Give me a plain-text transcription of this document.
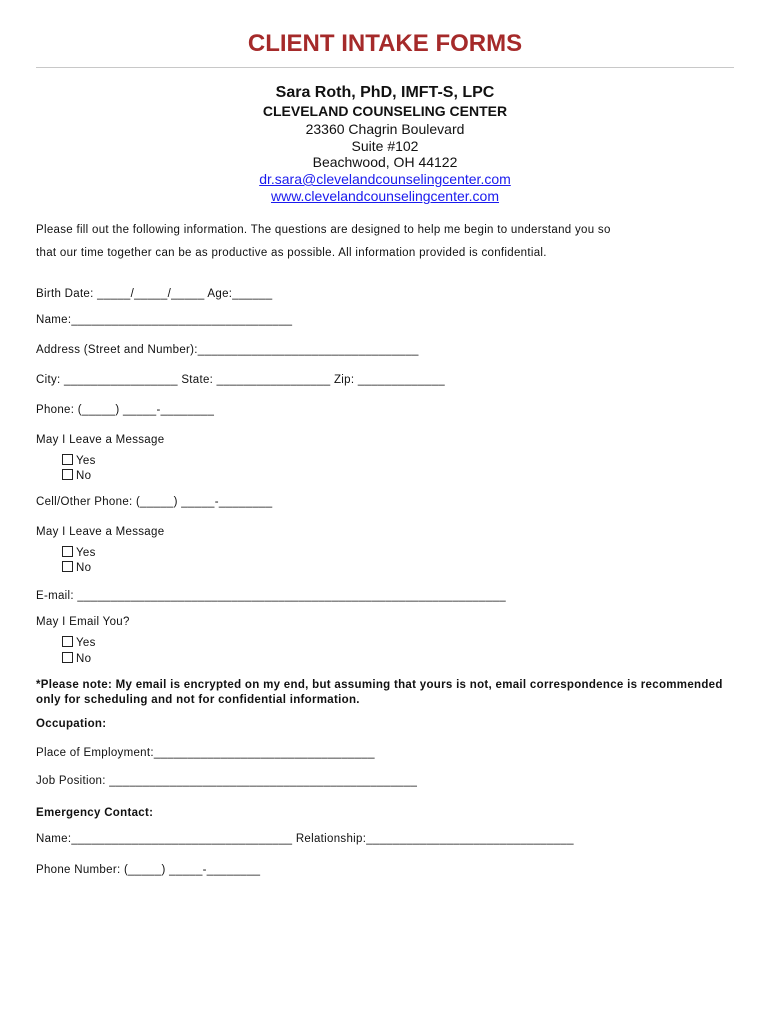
CLIENT INTAKE FORMS
Sara Roth, PhD, IMFT-S, LPC
CLEVELAND COUNSELING CENTER
23360 Chagrin Boulevard
Suite #102
Beachwood, OH 44122
dr.sara@clevelandcounselingcenter.com
www.clevelandcounselingcenter.com
Please fill out the following information. The questions are designed to help me begin to understand you so
that our time together can be as productive as possible. All information provided is confidential.
Birth Date: _____/_____/_____ Age:______
Name:_________________________________
Address (Street and Number):_________________________________
City: _________________ State: _________________ Zip: _____________
Phone: (_____) _____-________
May I Leave a Message
Yes
No
Cell/Other Phone: (_____) _____-________
May I Leave a Message
Yes
No
E-mail: ________________________________________________________________
May I Email You?
Yes
No
*Please note: My email is encrypted on my end, but assuming that yours is not, email correspondence is recommended only for scheduling and not for confidential information.
Occupation:
Place of Employment:_________________________________
Job Position: ______________________________________________
Emergency Contact:
Name:_________________________________ Relationship:_______________________________
Phone Number: (_____) _____-________
